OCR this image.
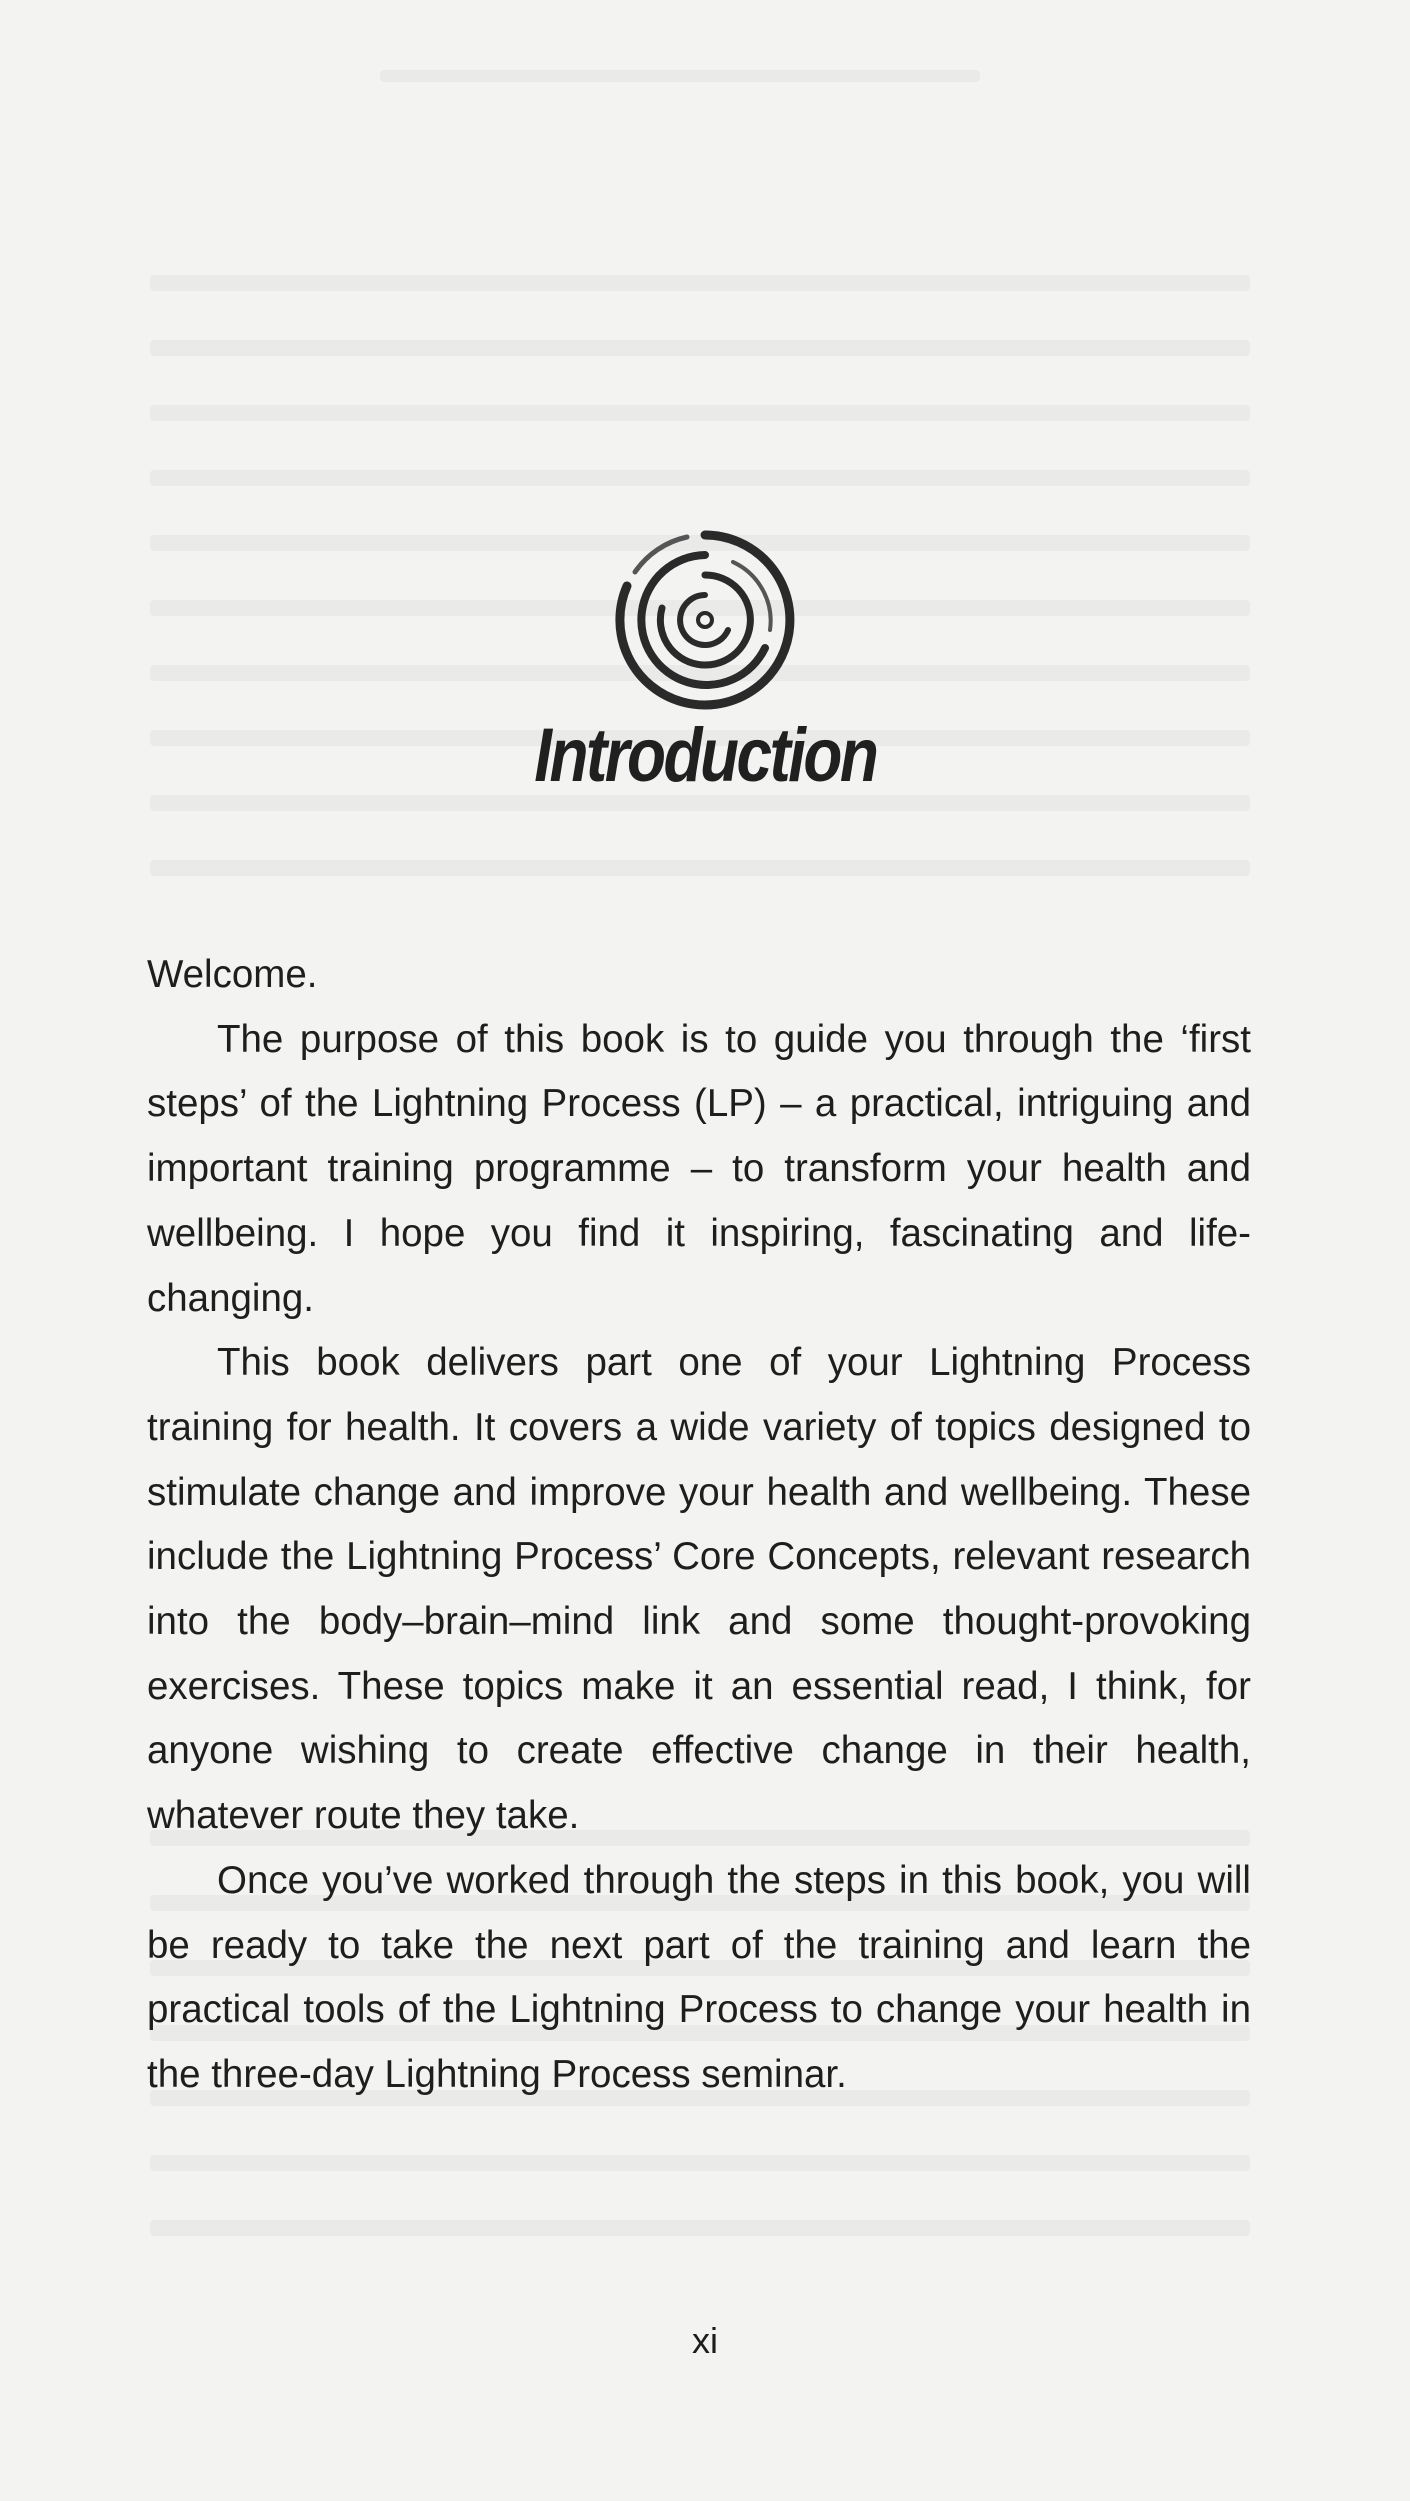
Introduction

Welcome.

The purpose of this book is to guide you through the ‘first steps’ of the Lightning Process (LP) – a practical, intriguing and important training programme – to transform your health and wellbeing. I hope you find it inspiring, fascinating and life-changing.

This book delivers part one of your Lightning Process training for health. It covers a wide variety of topics designed to stimulate change and improve your health and wellbeing. These include the Lightning Process’ Core Concepts, relevant research into the body–brain–mind link and some thought-provoking exercises. These topics make it an essential read, I think, for anyone wishing to create effective change in their health, whatever route they take.

Once you’ve worked through the steps in this book, you will be ready to take the next part of the training and learn the practical tools of the Lightning Process to change your health in the three-day Lightning Process seminar.

xi
